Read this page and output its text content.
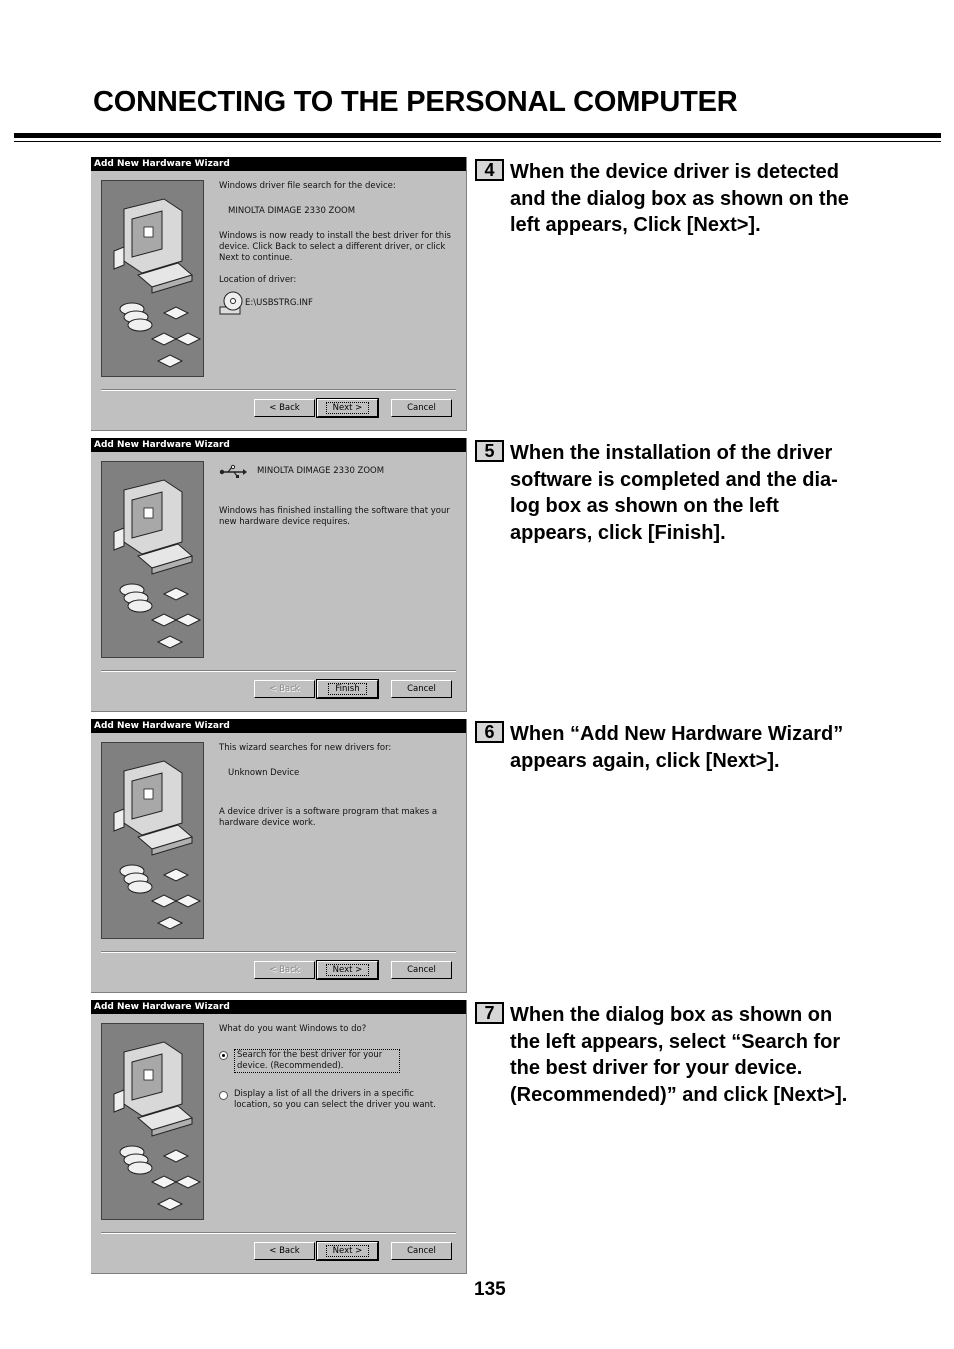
CONNECTING TO THE PERSONAL COMPUTER
Add New Hardware Wizard
Windows driver file search for the device:
MINOLTA DIMAGE 2330 ZOOM
Windows is now ready to install the best driver for this device. Click Back to select a different driver, or click Next to continue.
Location of driver:
E:\USBSTRG.INF
< Back	Next >	Cancel
Add New Hardware Wizard
MINOLTA DIMAGE 2330 ZOOM
Windows has finished installing the software that your new hardware device requires.
< Back	Finish	Cancel
Add New Hardware Wizard
This wizard searches for new drivers for:
Unknown Device
A device driver is a software program that makes a hardware device work.
< Back	Next >	Cancel
Add New Hardware Wizard
What do you want Windows to do?
Search for the best driver for your device. (Recommended).
Display a list of all the drivers in a specific location, so you can select the driver you want.
< Back	Next >	Cancel
4 When the device driver is detected
and the dialog box as shown on the
left appears, Click [Next>].

5 When the installation of the driver
software is completed and the dia-
log box as shown on the left
appears, click [Finish].

6 When “Add New Hardware Wizard”
appears again, click [Next>].

7 When the dialog box as shown on
the left appears, select “Search for
the best driver for your device.
(Recommended)” and click [Next>].

135
